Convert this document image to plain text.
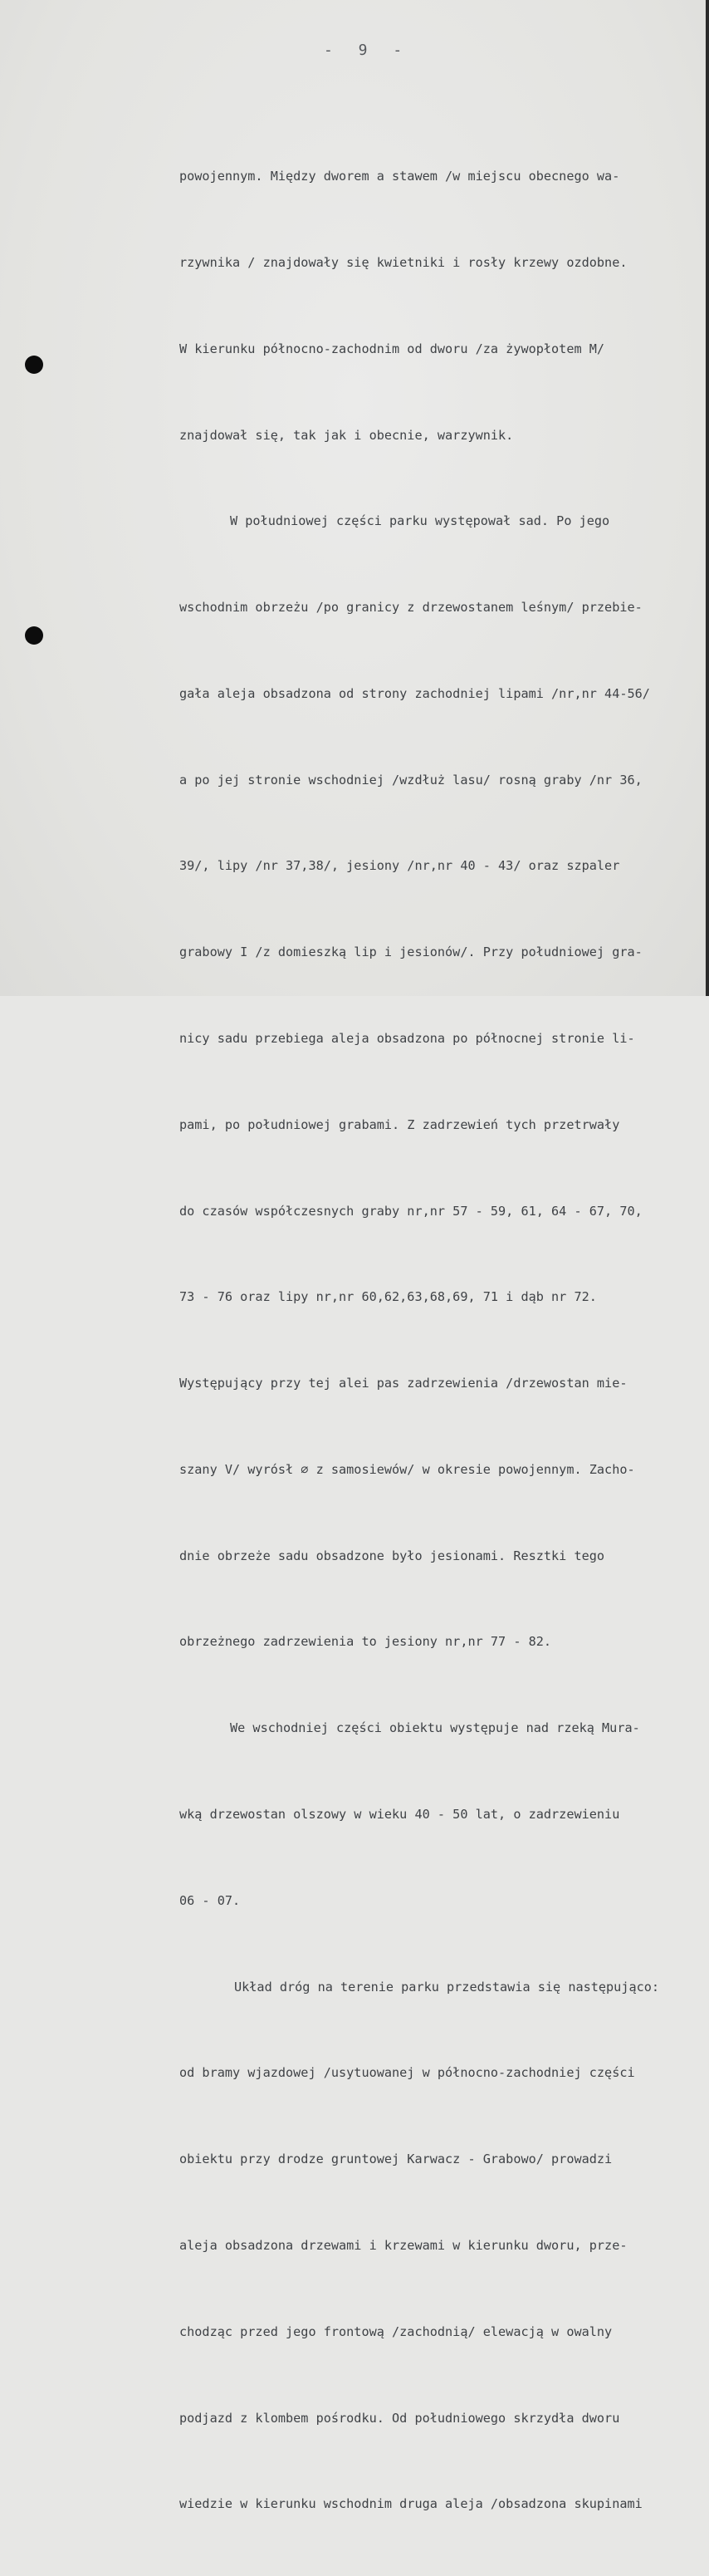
- 9 -

powojennym. Między dworem a stawem /w miejscu obecnego wa-

rzywnika / znajdowały się kwietniki i rosły krzewy ozdobne.

W kierunku północno-zachodnim od dworu /za żywopłotem M/

znajdował się, tak jak i obecnie, warzywnik.

W południowej części parku występował sad. Po jego

wschodnim obrzeżu /po granicy z drzewostanem leśnym/ przebie-

gała aleja obsadzona od strony zachodniej lipami /nr,nr 44-56/

a po jej stronie wschodniej /wzdłuż lasu/ rosną graby /nr 36,

39/, lipy /nr 37,38/, jesiony /nr,nr 40 - 43/ oraz szpaler

grabowy I /z domieszką lip i jesionów/. Przy południowej gra-

nicy sadu przebiega aleja obsadzona po północnej stronie li-

pami, po południowej grabami. Z zadrzewień tych przetrwały

do czasów współczesnych graby nr,nr 57 - 59, 61, 64 - 67, 70,

73 - 76 oraz lipy nr,nr 60,62,63,68,69, 71 i dąb nr 72.

Występujący przy tej alei pas zadrzewienia /drzewostan mie-

szany V/ wyrósł ∅ z samosiewów/ w okresie powojennym. Zacho-

dnie obrzeże sadu obsadzone było jesionami. Resztki tego

obrzeżnego zadrzewienia to jesiony nr,nr 77 - 82.

We wschodniej części obiektu występuje nad rzeką Mura-

wką drzewostan olszowy w wieku 40 - 50 lat, o zadrzewieniu

06 - 07.

Układ dróg na terenie parku przedstawia się następująco:

od bramy wjazdowej /usytuowanej w północno-zachodniej części

obiektu przy drodze gruntowej Karwacz - Grabowo/ prowadzi

aleja obsadzona drzewami i krzewami w kierunku dworu, prze-

chodząc przed jego frontową /zachodnią/ elewacją w owalny

podjazd z klombem pośrodku. Od południowego skrzydła dworu

wiedzie w kierunku wschodnim druga aleja /obsadzona skupinami
